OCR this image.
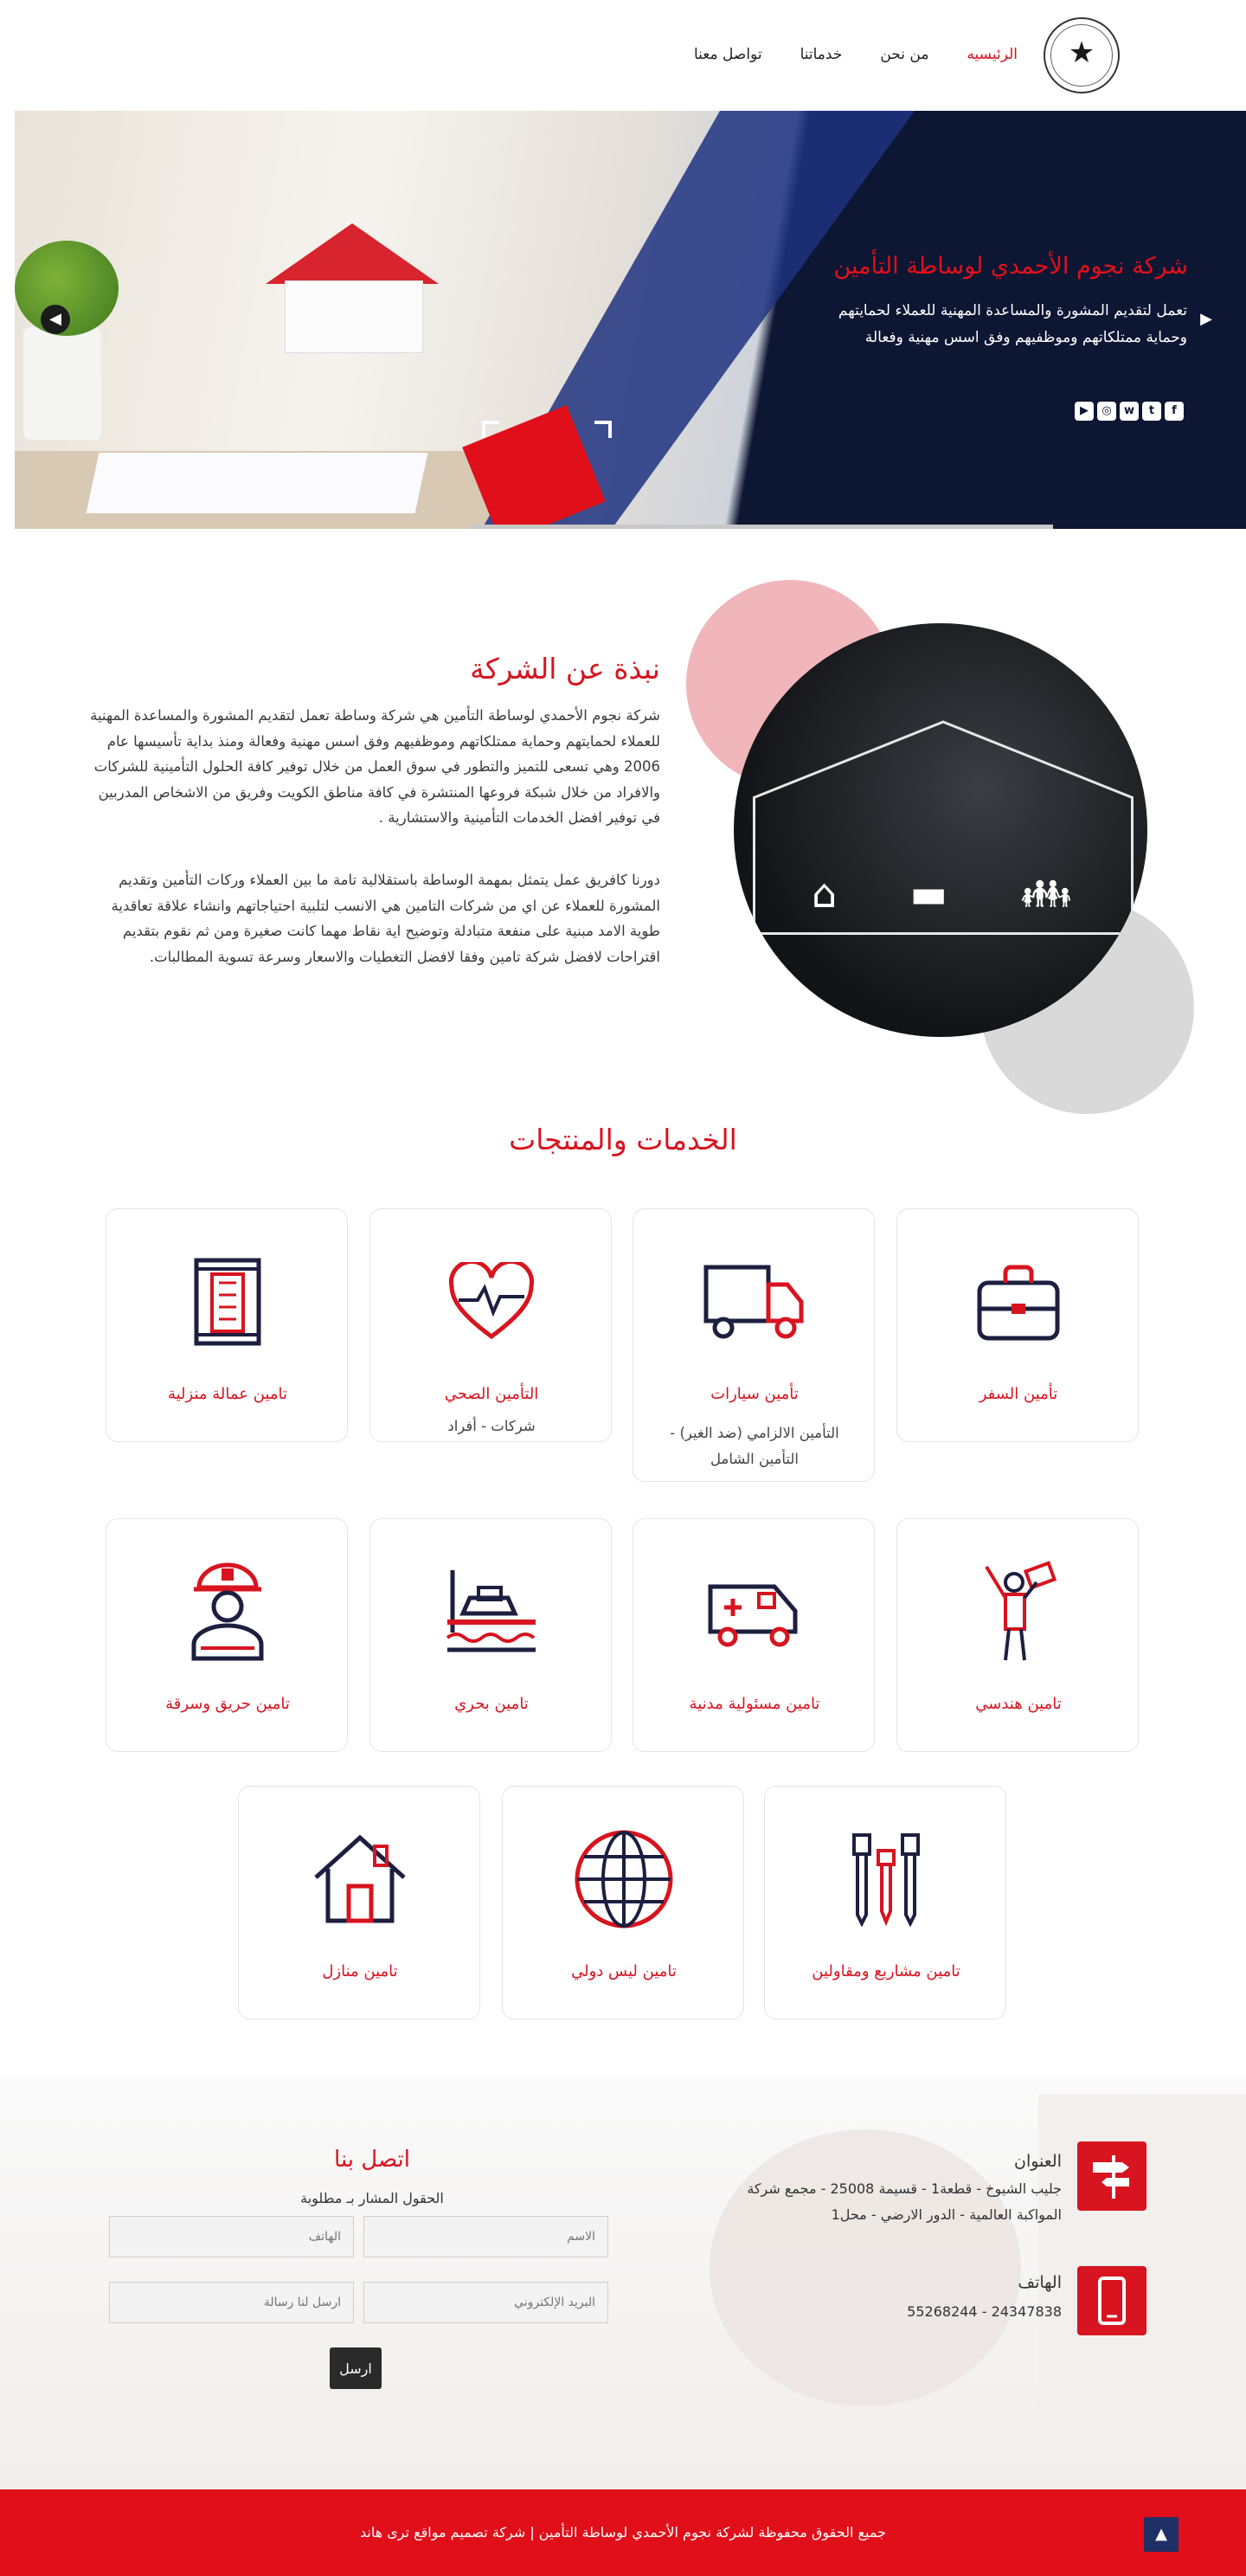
★
الرئيسيه
من نحن
خدماتنا
تواصل معنا
◀	▶
شركة نجوم الأحمدي لوساطة التأمين
تعمل لتقديم المشورة والمساعدة المهنية للعملاء لحمايتهم وحماية ممتلكاتهم وموظفيهم وفق اسس مهنية وفعالة
f
t
w
◎
▶
⌂ ▬ 👪︎
نبذة عن الشركة

شركة نجوم الأحمدي لوساطة التأمين هي شركة وساطة تعمل لتقديم المشورة والمساعدة المهنية للعملاء لحمايتهم وحماية ممتلكاتهم وموظفيهم وفق اسس مهنية وفعالة ومنذ بداية تأسيسها عام 2006 وهي تسعى للتميز والتطور في سوق العمل من خلال توفير كافة الحلول التأمينية للشركات والافراد من خلال شبكة فروعها المنتشرة في كافة مناطق الكويت وفريق من الاشخاص المدربين في توفير افضل الخدمات التأمينية والاستشارية .

دورنا كافريق عمل يتمثل بمهمة الوساطة باستقلالية تامة ما بين العملاء وركات التأمين وتقديم المشورة للعملاء عن اي من شركات التامين هي الانسب لتلبية احتياجاتهم وانشاء علاقة تعاقدية طوية الامد مبنية على منفعة متبادلة وتوضيح اية نقاط مهما كانت صغيرة ومن ثم نقوم بتقديم اقتراحات لافضل شركة تامين وفقا لافضل التغطيات والاسعار وسرعة تسوية المطالبات.

الخدمات والمنتجات
تأمين السفر
تأمين سيارات
التأمين الالزامي (ضد الغير) - التأمين الشامل
التأمين الصحي
شركات - أفراد
تامين عمالة منزلية
تامين هندسي
تامين مسئولية مدنية
تامين بحري
تامين حريق وسرقة
تامين مشاريع ومقاولين
تامين ليس دولي
تامين منازل
العنوان
جليب الشيوخ - قطعة1 - قسيمة 25008 - مجمع شركة المواكبة العالمية - الدور الارضي - محل1
الهاتف
24347838 - 55268244
اتصل بنا
الحقول المشار بـ مطلوبة
الاسم
الهاتف
البريد الإلكتروني
ارسل لنا رسالة
ارسل
جميع الحقوق محفوظة لشركة نجوم الأحمدي لوساطة التأمين | شركة تصميم مواقع ترى هاند	▲
